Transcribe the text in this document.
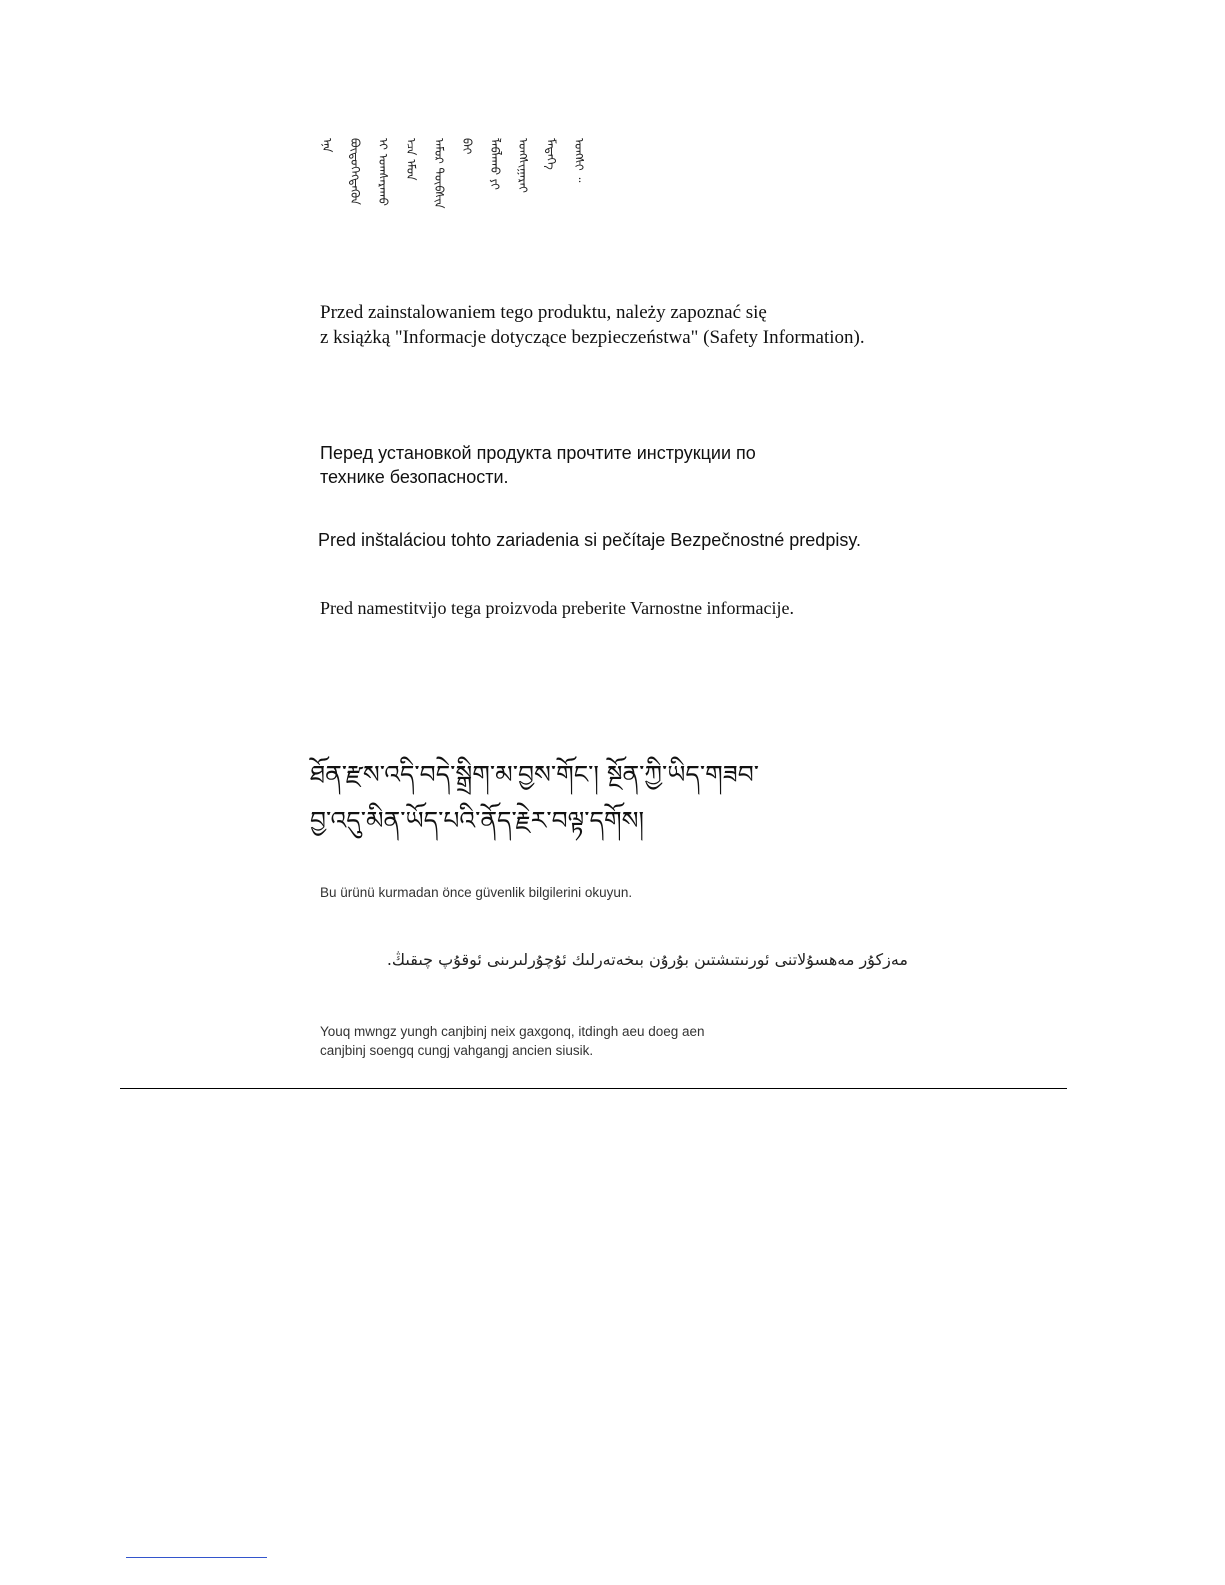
ᠡᠨᠡ ᠪᠦᠲᠦᠭᠡᠭᠳᠡᠬᠦᠨ ᠢ ᠤᠭᠰᠠᠷᠠᠬᠤ ᠡᠴᠡ ᠡᠮᠦᠨ ᠠᠮᠤᠷ ᠲᠦᠪᠰᠢᠨ ᠪᠠᠢ ᠯᠠᠪᠯᠠᠬᠤ ᠶᠢ ᠤᠩᠰᠢᠭᠠᠷᠠᠢ ᠮᠡᠳᠡᠭᠡ ᠤᠩᠰᠢ ᠃

Przed zainstalowaniem tego produktu, należy zapoznać się
z książką "Informacje dotyczące bezpieczeństwa" (Safety Information).

Перед установкой продукта прочтите инструкции по
технике безопасности.

Pred inštaláciou tohto zariadenia si pečítaje Bezpečnostné predpisy.

Pred namestitvijo tega proizvoda preberite Varnostne informacije.

ཐོན་རྫས་འདི་བདེ་སྒྲིག་མ་བྱས་གོང་། སྔོན་ཀྱི་ཡིད་གཟབ་
བྱ་འདུ་མིན་ཡོད་པའི་ནོད་རྗེར་བལྟ་དགོས།

Bu ürünü kurmadan önce güvenlik bilgilerini okuyun.

مەزكۇر مەھسۇلاتنى ئورنىتىشتىن بۇرۇن بىخەتەرلىك ئۇچۇرلىرىنى ئوقۇپ چىقىڭ.

Youq mwngz yungh canjbinj neix gaxgonq, itdingh aeu doeg aen
canjbinj soengq cungj vahgangj ancien siusik.
